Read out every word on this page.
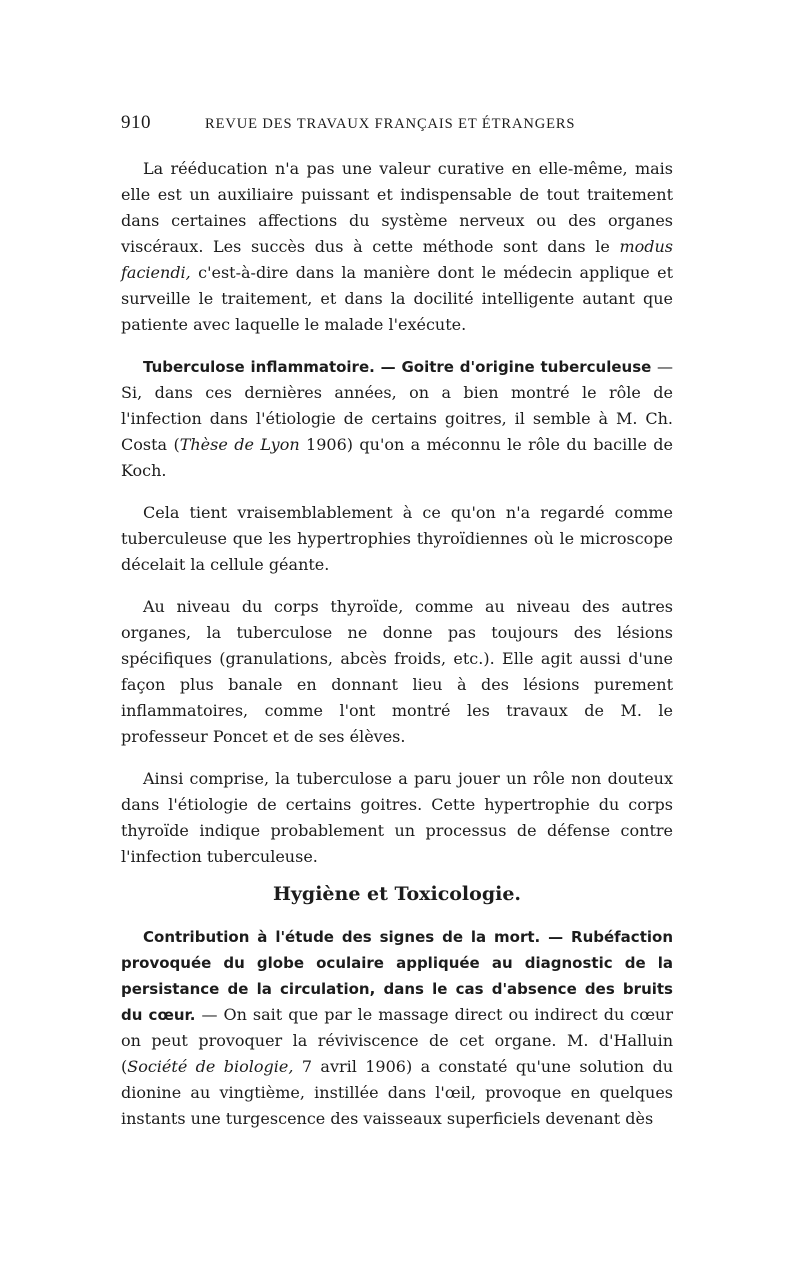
910	REVUE DES TRAVAUX FRANÇAIS ET ÉTRANGERS

La rééducation n'a pas une valeur curative en elle-même, mais elle est un auxiliaire puissant et indispensable de tout traitement dans certaines affections du système nerveux ou des organes viscéraux. Les succès dus à cette méthode sont dans le modus faciendi, c'est-à-dire dans la manière dont le médecin applique et surveille le traitement, et dans la docilité intelligente autant que patiente avec laquelle le malade l'exécute.

Tuberculose inflammatoire. — Goitre d'origine tuberculeuse — Si, dans ces dernières années, on a bien montré le rôle de l'infection dans l'étiologie de certains goitres, il semble à M. Ch. Costa (Thèse de Lyon 1906) qu'on a méconnu le rôle du bacille de Koch.

Cela tient vraisemblablement à ce qu'on n'a regardé comme tuberculeuse que les hypertrophies thyroïdiennes où le microscope décelait la cellule géante.

Au niveau du corps thyroïde, comme au niveau des autres organes, la tuberculose ne donne pas toujours des lésions spécifiques (granulations, abcès froids, etc.). Elle agit aussi d'une façon plus banale en donnant lieu à des lésions purement inflammatoires, comme l'ont montré les travaux de M. le professeur Poncet et de ses élèves.

Ainsi comprise, la tuberculose a paru jouer un rôle non douteux dans l'étiologie de certains goitres. Cette hypertrophie du corps thyroïde indique probablement un processus de défense contre l'infection tuberculeuse.

Hygiène et Toxicologie.

Contribution à l'étude des signes de la mort. — Rubéfaction provoquée du globe oculaire appliquée au diagnostic de la persistance de la circulation, dans le cas d'absence des bruits du cœur. — On sait que par le massage direct ou indirect du cœur on peut provoquer la réviviscence de cet organe. M. d'Halluin (Société de biologie, 7 avril 1906) a constaté qu'une solution du dionine au vingtième, instillée dans l'œil, provoque en quelques instants une turgescence des vaisseaux superficiels devenant dès
